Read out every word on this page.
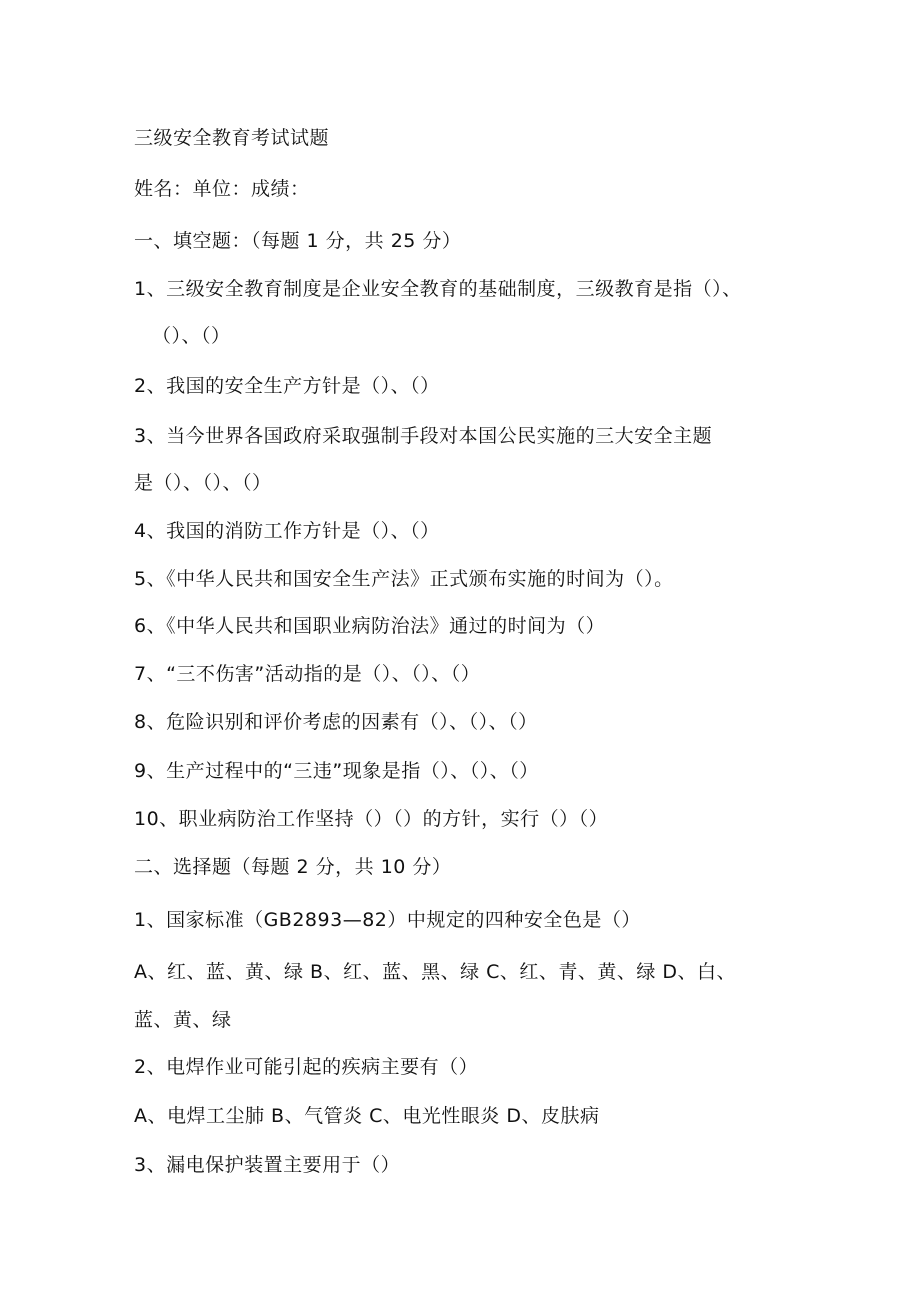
三级安全教育考试试题
姓名：单位：成绩：
一、填空题：（每题 1 分，共 25 分）
1、三级安全教育制度是企业安全教育的基础制度，三级教育是指（）、
（）、（）
2、我国的安全生产方针是（）、（）
3、当今世界各国政府采取强制手段对本国公民实施的三大安全主题
是（）、（）、（）
4、我国的消防工作方针是（）、（）
5、《中华人民共和国安全生产法》正式颁布实施的时间为（）。
6、《中华人民共和国职业病防治法》通过的时间为（）
7、“三不伤害”活动指的是（）、（）、（）
8、危险识别和评价考虑的因素有（）、（）、（）
9、生产过程中的“三违”现象是指（）、（）、（）
10、职业病防治工作坚持（）（）的方针，实行（）（）
二、选择题（每题 2 分，共 10 分）
1、国家标准（GB2893—82）中规定的四种安全色是（）
A、红、蓝、黄、绿 B、红、蓝、黑、绿 C、红、青、黄、绿 D、白、
蓝、黄、绿
2、电焊作业可能引起的疾病主要有（）
A、电焊工尘肺 B、气管炎 C、电光性眼炎 D、皮肤病
3、漏电保护装置主要用于（）
